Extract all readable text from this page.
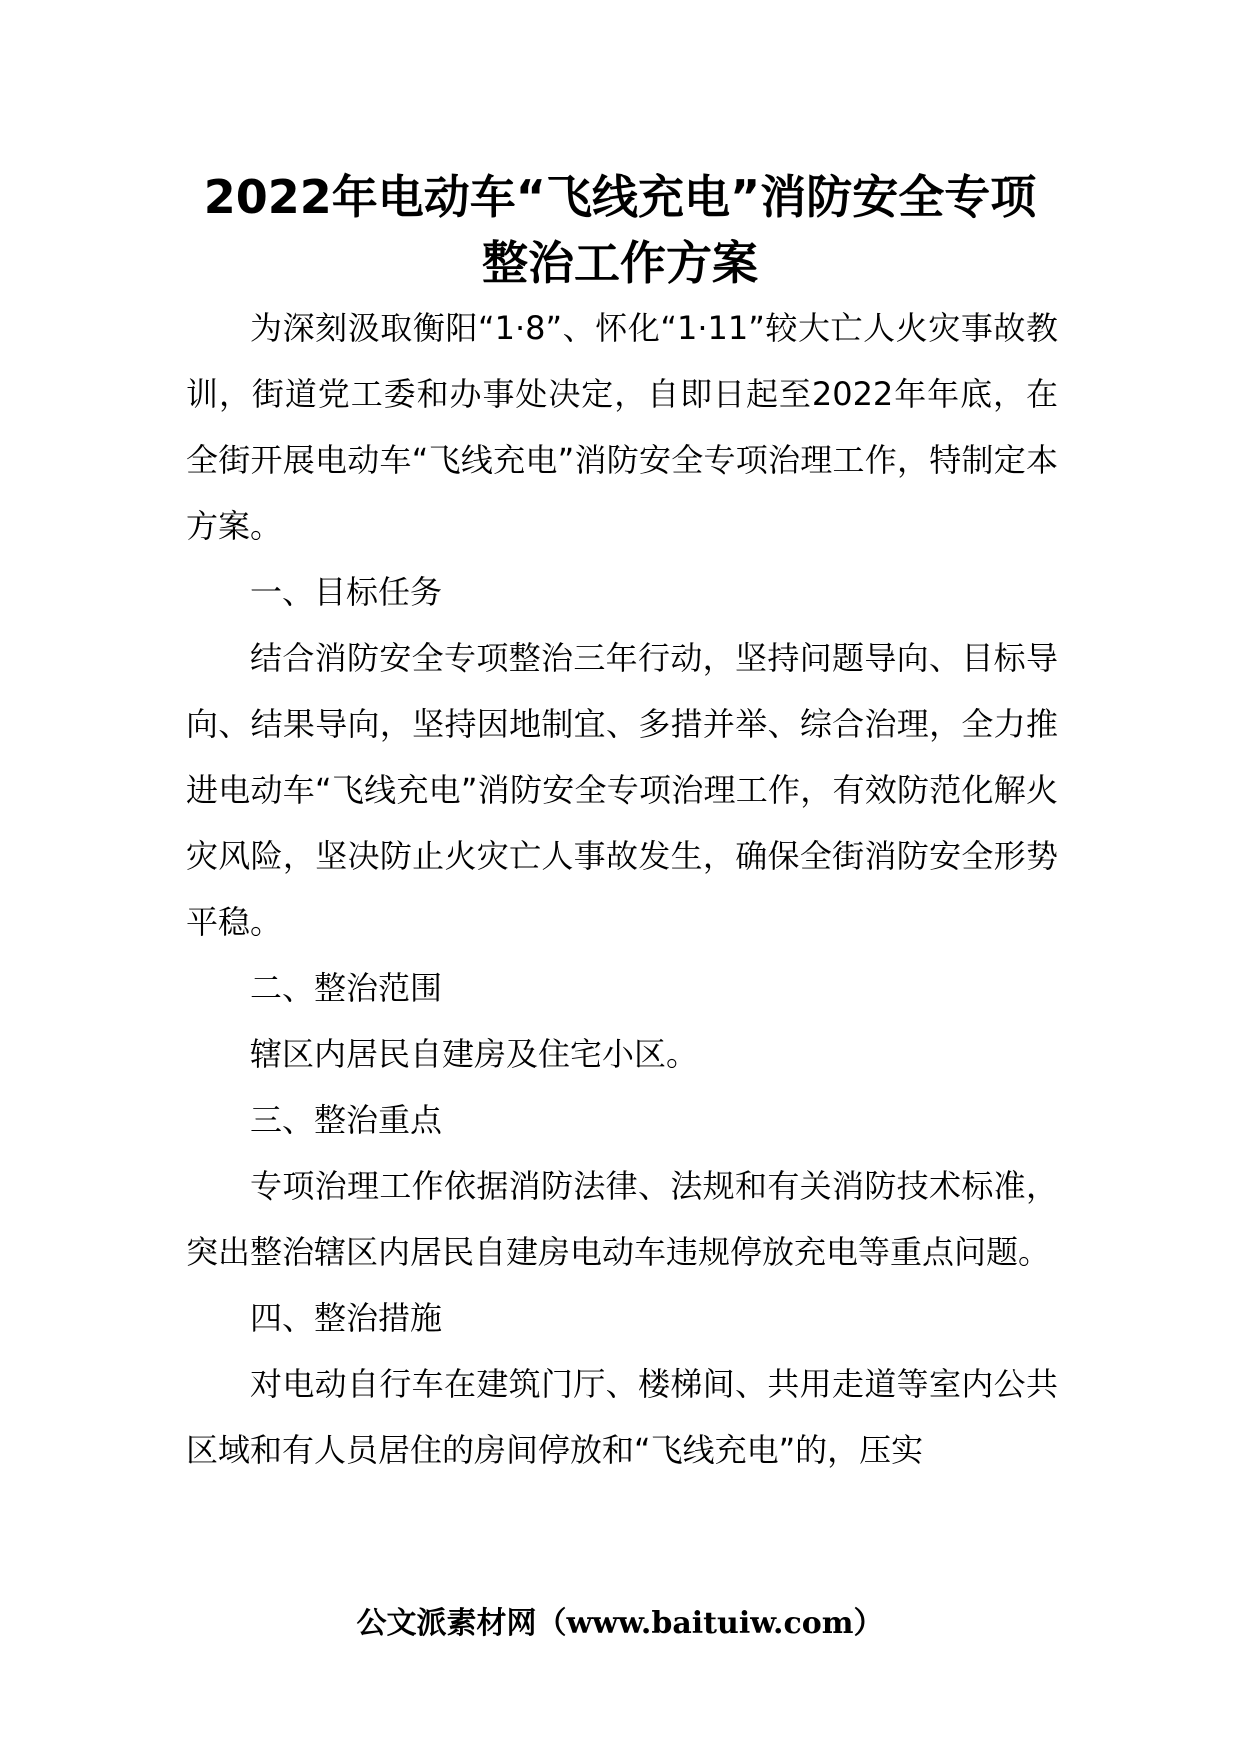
2022年电动车“飞线充电”消防安全专项整治工作方案

为深刻汲取衡阳“1·8”、怀化“1·11”较大亡人火灾事故教训，街道党工委和办事处决定，自即日起至2022年年底，在全街开展电动车“飞线充电”消防安全专项治理工作，特制定本方案。

一、目标任务

结合消防安全专项整治三年行动，坚持问题导向、目标导向、结果导向，坚持因地制宜、多措并举、综合治理，全力推进电动车“飞线充电”消防安全专项治理工作，有效防范化解火灾风险，坚决防止火灾亡人事故发生，确保全街消防安全形势平稳。

二、整治范围

辖区内居民自建房及住宅小区。

三、整治重点

专项治理工作依据消防法律、法规和有关消防技术标准，突出整治辖区内居民自建房电动车违规停放充电等重点问题。

四、整治措施

对电动自行车在建筑门厅、楼梯间、共用走道等室内公共区域和有人员居住的房间停放和“飞线充电”的，压实

公文派素材网（www.baituiw.com）
